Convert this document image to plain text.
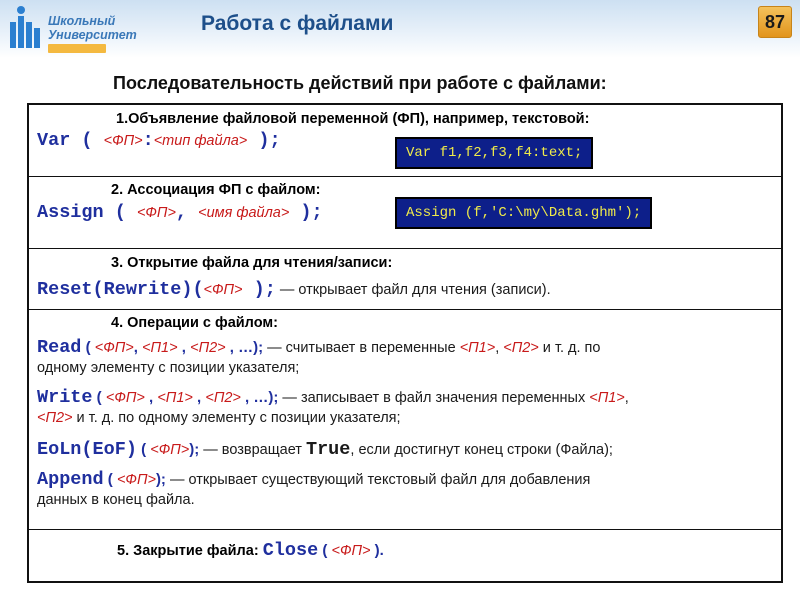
Школьный
Университет	Работа с файлами	87
Последовательность действий при работе с файлами:
1.Объявление файловой переменной (ФП), например, текстовой:
Var ( <ФП>:<тип файла> );
Var f1,f2,f3,f4:text;
2. Ассоциация ФП с файлом:
Assign ( <ФП>, <имя файла> );	Assign (f,'C:\my\Data.ghm');
3. Открытие файла для чтения/записи:
Reset(Rewrite)(<ФП> ); — открывает файл для чтения (записи).
4. Операции с файлом:
Read ( <ФП>, <П1> , <П2> , …); — считывает в переменные <П1>, <П2> и т. д. по
одному элементу с позиции указателя;
Write ( <ФП> , <П1> , <П2> , …); — записывает в файл значения переменных <П1>,
<П2> и т. д. по одному элементу с позиции указателя;
EoLn(EoF) ( <ФП>); — возвращает True, если достигнут конец строки (Файла);
Append ( <ФП>); — открывает существующий текстовый файл для добавления
данных в конец файла.
5. Закрытие файла: Close ( <ФП> ).
